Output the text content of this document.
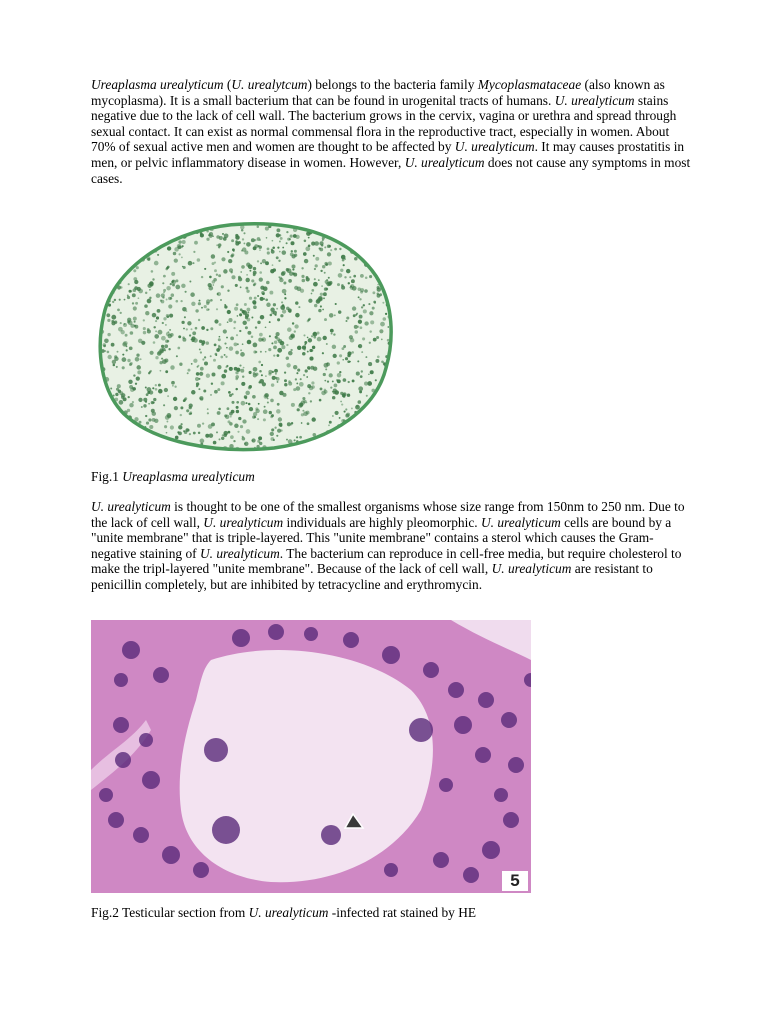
Ureaplasma urealyticum (U. urealytcum) belongs to the bacteria family Mycoplasmataceae (also known as mycoplasma). It is a small bacterium that can be found in urogenital tracts of humans. U. urealyticum stains negative due to the lack of cell wall. The bacterium grows in the cervix, vagina or urethra and spread through sexual contact. It can exist as normal commensal flora in the reproductive tract, especially in women. About 70% of sexual active men and women are thought to be affected by U. urealyticum. It may causes prostatitis in men, or pelvic inflammatory disease in women. However, U. urealyticum does not cause any symptoms in most cases.

Fig.1 Ureaplasma urealyticum

U. urealyticum is thought to be one of the smallest organisms whose size range from 150nm to 250 nm. Due to the lack of cell wall, U. urealyticum individuals are highly pleomorphic. U. urealyticum cells are bound by a "unite membrane" that is triple-layered. This "unite membrane" contains a sterol which causes the Gram-negative staining of U. urealyticum. The bacterium can reproduce in cell-free media, but require cholesterol to make the tripl-layered "unite membrane". Because of the lack of cell wall, U. urealyticum are resistant to penicillin completely, but are inhibited by tetracycline and erythromycin.

5

Fig.2 Testicular section from U. urealyticum -infected rat stained by HE
